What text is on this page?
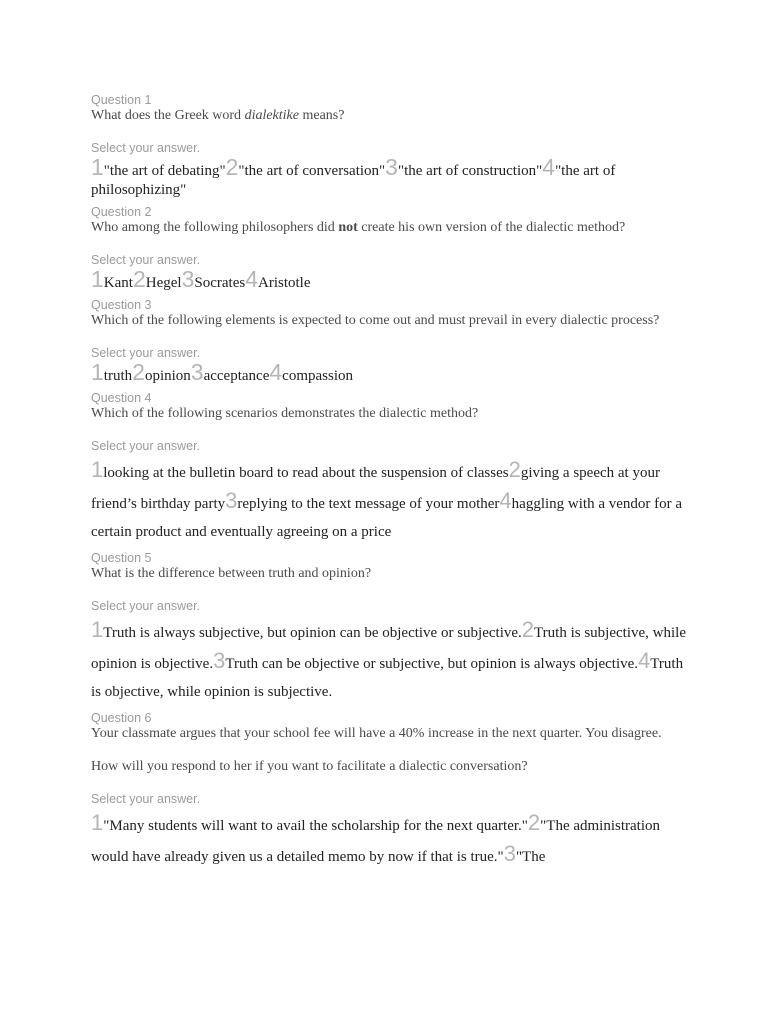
Question 1
What does the Greek word dialektike means?
Select your answer.
1"the art of debating"2"the art of conversation"3"the art of construction"4"the art of philosophizing"
Question 2
Who among the following philosophers did not create his own version of the dialectic method?
Select your answer.
1Kant2Hegel3Socrates4Aristotle
Question 3
Which of the following elements is expected to come out and must prevail in every dialectic process?
Select your answer.
1truth2opinion3acceptance4compassion
Question 4
Which of the following scenarios demonstrates the dialectic method?
Select your answer.
1looking at the bulletin board to read about the suspension of classes2giving a speech at your friend’s birthday party3replying to the text message of your mother4haggling with a vendor for a certain product and eventually agreeing on a price
Question 5
What is the difference between truth and opinion?
Select your answer.
1Truth is always subjective, but opinion can be objective or subjective.2Truth is subjective, while opinion is objective.3Truth can be objective or subjective, but opinion is always objective.4Truth is objective, while opinion is subjective.
Question 6
Your classmate argues that your school fee will have a 40% increase in the next quarter. You disagree.
How will you respond to her if you want to facilitate a dialectic conversation?
Select your answer.
1"Many students will want to avail the scholarship for the next quarter."2"The administration would have already given us a detailed memo by now if that is true."3"The
